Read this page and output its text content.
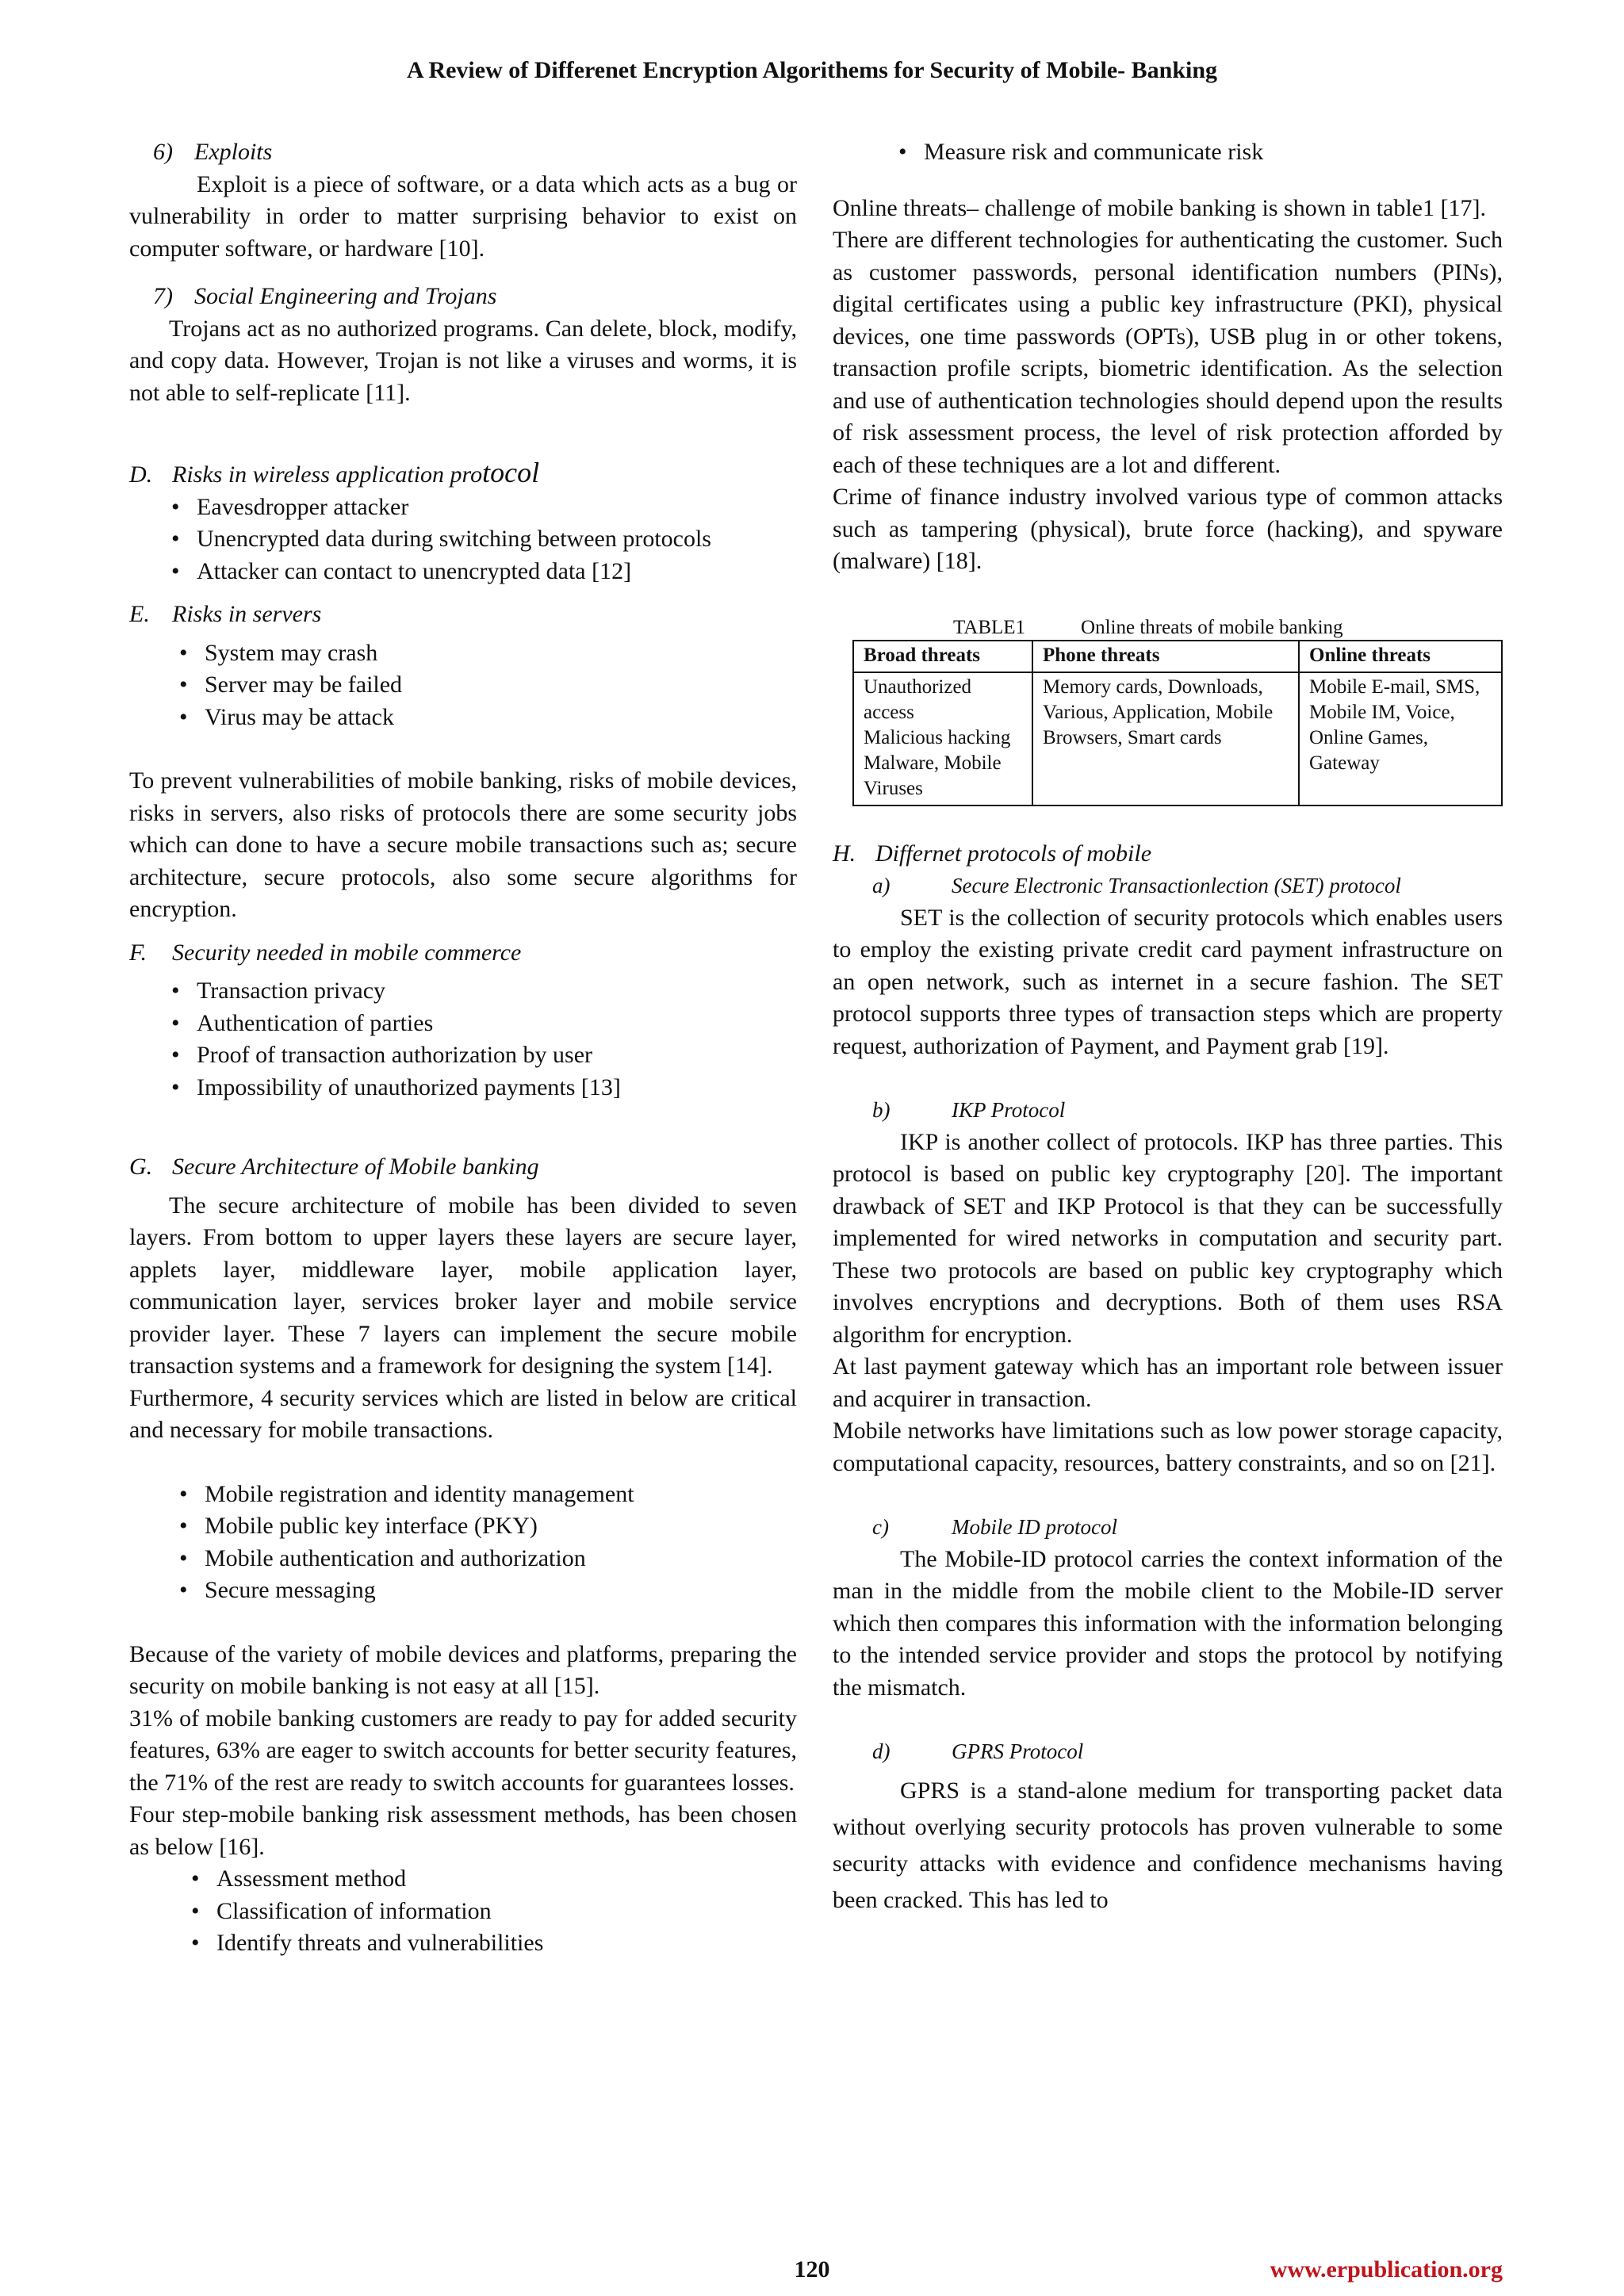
A Review of Differenet Encryption Algorithems for Security of Mobile- Banking
6) Exploits

Exploit is a piece of software, or a data which acts as a bug or vulnerability in order to matter surprising behavior to exist on computer software, or hardware [10].

7) Social Engineering and Trojans

Trojans act as no authorized programs. Can delete, block, modify, and copy data. However, Trojan is not like a viruses and worms, it is not able to self-replicate [11].

D. Risks in wireless application protocol
• Eavesdropper attacker
• Unencrypted data during switching between protocols
• Attacker can contact to unencrypted data [12]
E. Risks in servers
• System may crash
• Server may be failed
• Virus may be attack

To prevent vulnerabilities of mobile banking, risks of mobile devices, risks in servers, also risks of protocols there are some security jobs which can done to have a secure mobile transactions such as; secure architecture, secure protocols, also some secure algorithms for encryption.

F. Security needed in mobile commerce
• Transaction privacy
• Authentication of parties
• Proof of transaction authorization by user
• Impossibility of unauthorized payments [13]
G. Secure Architecture of Mobile banking

The secure architecture of mobile has been divided to seven layers. From bottom to upper layers these layers are secure layer, applets layer, middleware layer, mobile application layer, communication layer, services broker layer and mobile service provider layer. These 7 layers can implement the secure mobile transaction systems and a framework for designing the system [14].

Furthermore, 4 security services which are listed in below are critical and necessary for mobile transactions.

• Mobile registration and identity management
• Mobile public key interface (PKY)
• Mobile authentication and authorization
• Secure messaging

Because of the variety of mobile devices and platforms, preparing the security on mobile banking is not easy at all [15].

31% of mobile banking customers are ready to pay for added security features, 63% are eager to switch accounts for better security features, the 71% of the rest are ready to switch accounts for guarantees losses.

Four step-mobile banking risk assessment methods, has been chosen as below [16].

• Assessment method
• Classification of information
• Identify threats and vulnerabilities
• Measure risk and communicate risk

Online threats– challenge of mobile banking is shown in table1 [17].

There are different technologies for authenticating the customer. Such as customer passwords, personal identification numbers (PINs), digital certificates using a public key infrastructure (PKI), physical devices, one time passwords (OPTs), USB plug in or other tokens, transaction profile scripts, biometric identification. As the selection and use of authentication technologies should depend upon the results of risk assessment process, the level of risk protection afforded by each of these techniques are a lot and different.

Crime of finance industry involved various type of common attacks such as tampering (physical), brute force (hacking), and spyware (malware) [18].

TABLE1	Online threats of mobile banking
Broad threats	Phone threats	Online threats

Unauthorized access
Malicious hacking
Malware, Mobile Viruses	Memory cards, Downloads, Various, Application, Mobile Browsers, Smart cards	Mobile E-mail, SMS, Mobile IM, Voice, Online Games, Gateway
H. Differnet protocols of mobile
a)	Secure Electronic Transactionlection (SET) protocol

SET is the collection of security protocols which enables users to employ the existing private credit card payment infrastructure on an open network, such as internet in a secure fashion. The SET protocol supports three types of transaction steps which are property request, authorization of Payment, and Payment grab [19].

b)	IKP Protocol

IKP is another collect of protocols. IKP has three parties. This protocol is based on public key cryptography [20]. The important drawback of SET and IKP Protocol is that they can be successfully implemented for wired networks in computation and security part. These two protocols are based on public key cryptography which involves encryptions and decryptions. Both of them uses RSA algorithm for encryption.

At last payment gateway which has an important role between issuer and acquirer in transaction.

Mobile networks have limitations such as low power storage capacity, computational capacity, resources, battery constraints, and so on [21].

c)	Mobile ID protocol

The Mobile-ID protocol carries the context information of the man in the middle from the mobile client to the Mobile-ID server which then compares this information with the information belonging to the intended service provider and stops the protocol by notifying the mismatch.

d)	GPRS Protocol

GPRS is a stand-alone medium for transporting packet data without overlying security protocols has proven vulnerable to some security attacks with evidence and confidence mechanisms having been cracked. This has led to

120	www.erpublication.org
